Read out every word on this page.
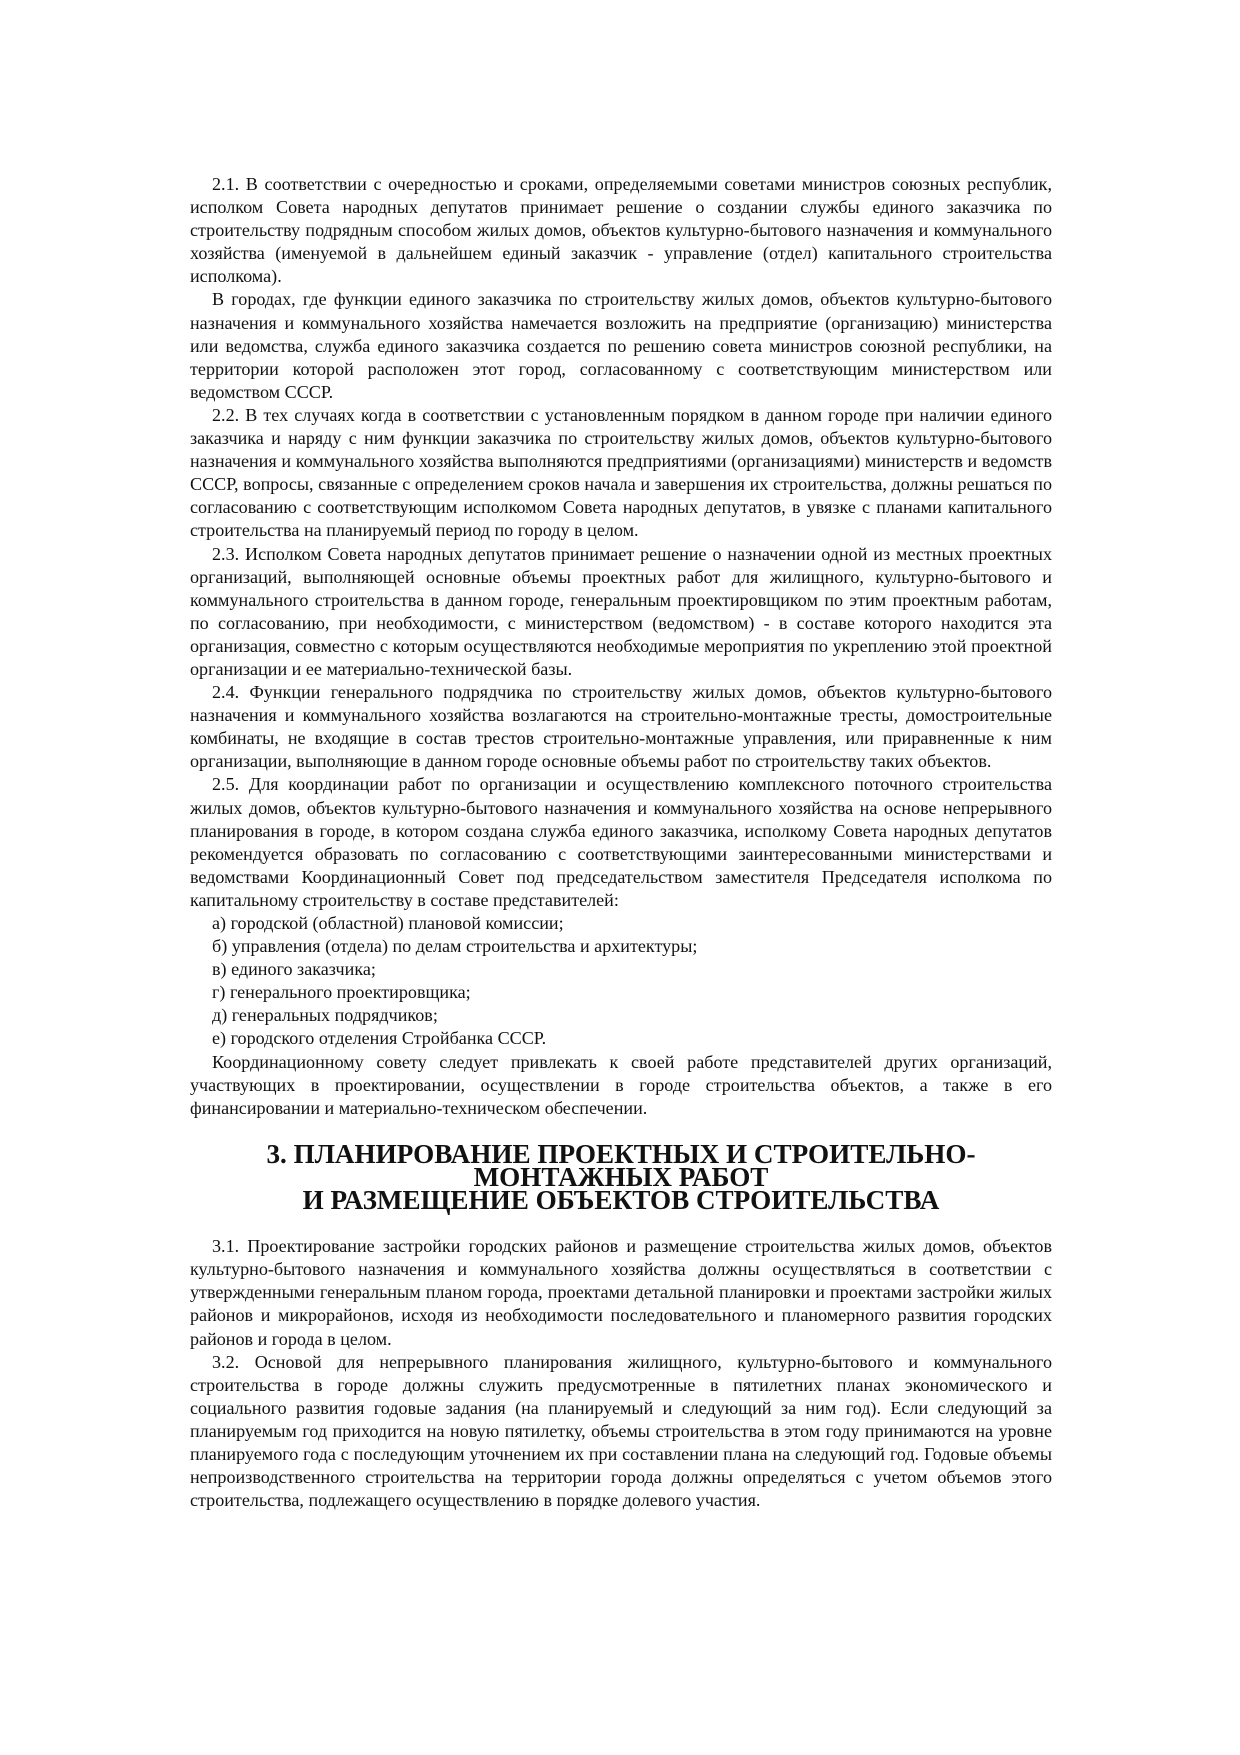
2.1. В соответствии с очередностью и сроками, определяемыми советами министров союзных республик, исполком Совета народных депутатов принимает решение о создании службы единого заказчика по строительству подрядным способом жилых домов, объектов культурно-бытового назначения и коммунального хозяйства (именуемой в дальнейшем единый заказчик - управление (отдел) капитального строительства исполкома).

В городах, где функции единого заказчика по строительству жилых домов, объектов культурно-бытового назначения и коммунального хозяйства намечается возложить на предприятие (организацию) министерства или ведомства, служба единого заказчика создается по решению совета министров союзной республики, на территории которой расположен этот город, согласованному с соответствующим министерством или ведомством СССР.

2.2. В тех случаях когда в соответствии с установленным порядком в данном городе при наличии единого заказчика и наряду с ним функции заказчика по строительству жилых домов, объектов культурно-бытового назначения и коммунального хозяйства выполняются предприятиями (организациями) министерств и ведомств СССР, вопросы, связанные с определением сроков начала и завершения их строительства, должны решаться по согласованию с соответствующим исполкомом Совета народных депутатов, в увязке с планами капитального строительства на планируемый период по городу в целом.

2.3. Исполком Совета народных депутатов принимает решение о назначении одной из местных проектных организаций, выполняющей основные объемы проектных работ для жилищного, культурно-бытового и коммунального строительства в данном городе, генеральным проектировщиком по этим проектным работам, по согласованию, при необходимости, с министерством (ведомством) - в составе которого находится эта организация, совместно с которым осуществляются необходимые мероприятия по укреплению этой проектной организации и ее материально-технической базы.

2.4. Функции генерального подрядчика по строительству жилых домов, объектов культурно-бытового назначения и коммунального хозяйства возлагаются на строительно-монтажные тресты, домостроительные комбинаты, не входящие в состав трестов строительно-монтажные управления, или приравненные к ним организации, выполняющие в данном городе основные объемы работ по строительству таких объектов.

2.5. Для координации работ по организации и осуществлению комплексного поточного строительства жилых домов, объектов культурно-бытового назначения и коммунального хозяйства на основе непрерывного планирования в городе, в котором создана служба единого заказчика, исполкому Совета народных депутатов рекомендуется образовать по согласованию с соответствующими заинтересованными министерствами и ведомствами Координационный Совет под председательством заместителя Председателя исполкома по капитальному строительству в составе представителей:

а) городской (областной) плановой комиссии;

б) управления (отдела) по делам строительства и архитектуры;

в) единого заказчика;

г) генерального проектировщика;

д) генеральных подрядчиков;

е) городского отделения Стройбанка СССР.

Координационному совету следует привлекать к своей работе представителей других организаций, участвующих в проектировании, осуществлении в городе строительства объектов, а также в его финансировании и материально-техническом обеспечении.

3. ПЛАНИРОВАНИЕ ПРОЕКТНЫХ И СТРОИТЕЛЬНО-МОНТАЖНЫХ РАБОТ
И РАЗМЕЩЕНИЕ ОБЪЕКТОВ СТРОИТЕЛЬСТВА

3.1. Проектирование застройки городских районов и размещение строительства жилых домов, объектов культурно-бытового назначения и коммунального хозяйства должны осуществляться в соответствии с утвержденными генеральным планом города, проектами детальной планировки и проектами застройки жилых районов и микрорайонов, исходя из необходимости последовательного и планомерного развития городских районов и города в целом.

3.2. Основой для непрерывного планирования жилищного, культурно-бытового и коммунального строительства в городе должны служить предусмотренные в пятилетних планах экономического и социального развития годовые задания (на планируемый и следующий за ним год). Если следующий за планируемым год приходится на новую пятилетку, объемы строительства в этом году принимаются на уровне планируемого года с последующим уточнением их при составлении плана на следующий год. Годовые объемы непроизводственного строительства на территории города должны определяться с учетом объемов этого строительства, подлежащего осуществлению в порядке долевого участия.
